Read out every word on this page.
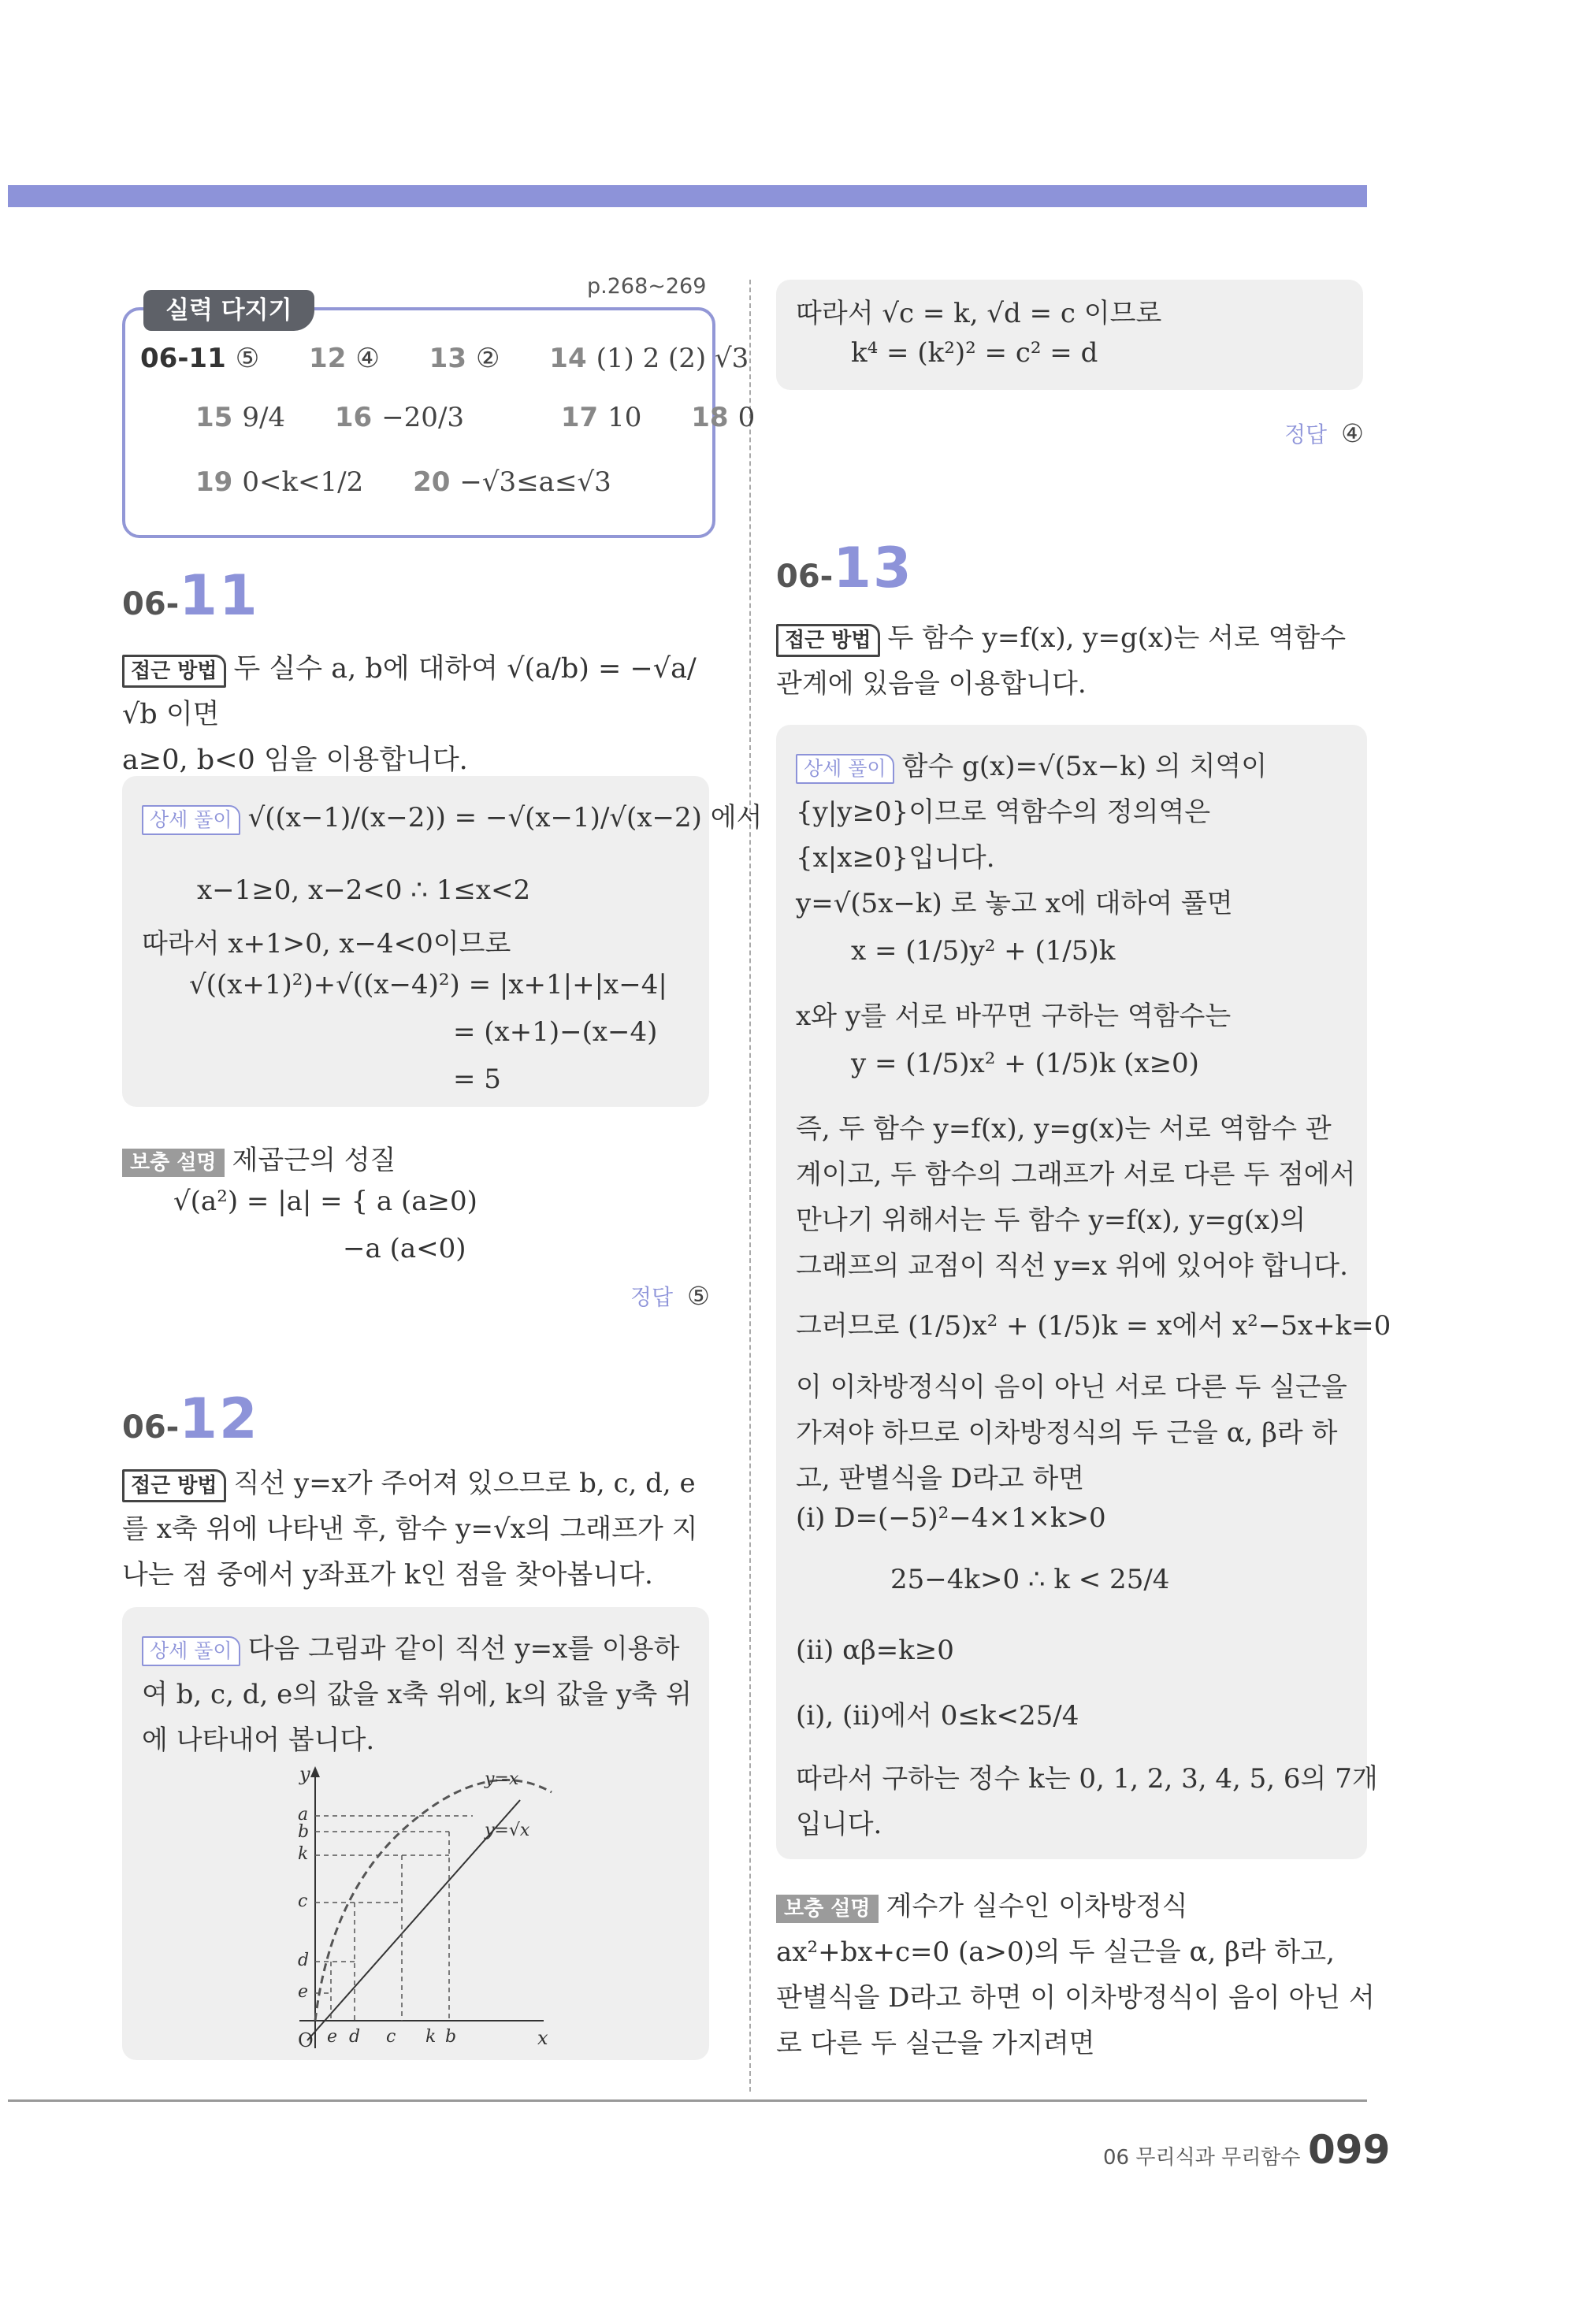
실력 다지기
p.268~269
06-11 ⑤ 12 ④ 13 ② 14 (1) 2 (2) √3
15 9/4 16 −20/3	17 10 18 0
19 0<k<1/2 20 −√3≤a≤√3
06-11
접근 방법 두 실수 a, b에 대하여 √(a/b) = −√a/√b 이면
a≥0, b<0 임을 이용합니다.
상세 풀이 √((x−1)/(x−2)) = −√(x−1)/√(x−2) 에서
x−1≥0, x−2<0 ∴ 1≤x<2
따라서 x+1>0, x−4<0이므로
√((x+1)²)+√((x−4)²) = |x+1|+|x−4|
= (x+1)−(x−4)
= 5
보충 설명 제곱근의 성질
√(a²) = |a| = { a (a≥0)
−a (a<0)
정답 ⑤
06-12
접근 방법 직선 y=x가 주어져 있으므로 b, c, d, e
를 x축 위에 나타낸 후, 함수 y=√x의 그래프가 지
나는 점 중에서 y좌표가 k인 점을 찾아봅니다.
상세 풀이 다음 그림과 같이 직선 y=x를 이용하
여 b, c, d, e의 값을 x축 위에, k의 값을 y축 위
에 나타내어 봅니다.
y
x
O
y=x
y=√x
a
b
k
c
d
e
e d c k b
따라서 √c = k, √d = c 이므로
k⁴ = (k²)² = c² = d
정답 ④
06-13
접근 방법 두 함수 y=f(x), y=g(x)는 서로 역함수
관계에 있음을 이용합니다.
상세 풀이 함수 g(x)=√(5x−k) 의 치역이
{y|y≥0}이므로 역함수의 정의역은
{x|x≥0}입니다.
y=√(5x−k) 로 놓고 x에 대하여 풀면
x = (1/5)y² + (1/5)k
x와 y를 서로 바꾸면 구하는 역함수는
y = (1/5)x² + (1/5)k (x≥0)
즉, 두 함수 y=f(x), y=g(x)는 서로 역함수 관
계이고, 두 함수의 그래프가 서로 다른 두 점에서
만나기 위해서는 두 함수 y=f(x), y=g(x)의
그래프의 교점이 직선 y=x 위에 있어야 합니다.
그러므로 (1/5)x² + (1/5)k = x에서 x²−5x+k=0
이 이차방정식이 음이 아닌 서로 다른 두 실근을
가져야 하므로 이차방정식의 두 근을 α, β라 하
고, 판별식을 D라고 하면
(i) D=(−5)²−4×1×k>0
25−4k>0 ∴ k < 25/4
(ii) αβ=k≥0
(i), (ii)에서 0≤k<25/4
따라서 구하는 정수 k는 0, 1, 2, 3, 4, 5, 6의 7개
입니다.
보충 설명 계수가 실수인 이차방정식
ax²+bx+c=0 (a>0)의 두 실근을 α, β라 하고,
판별식을 D라고 하면 이 이차방정식이 음이 아닌 서
로 다른 두 실근을 가지려면
06 무리식과 무리함수 099
